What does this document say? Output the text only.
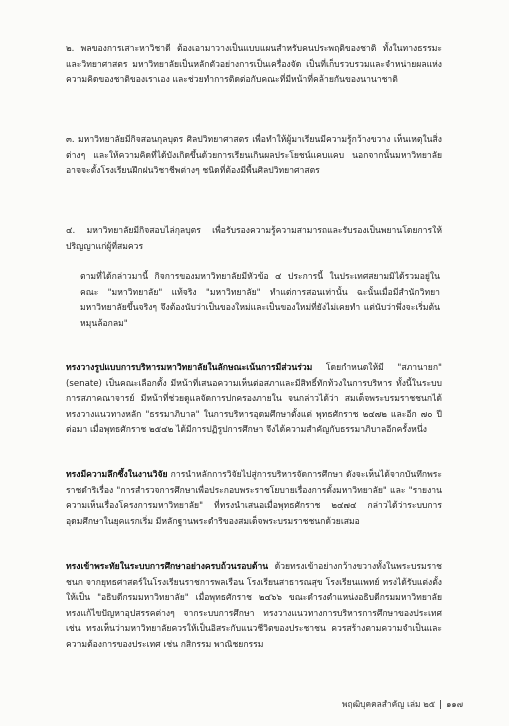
๒. พลของการเสาะหาวิชาดี ต้องเอามาวางเป็นแบบแผนสำหรับคนประพฤติของชาติ ทั้งในทางธรรมะและวิทยาศาสตร มหาวิทยาลัยเป็นหลักตัวอย่างการเป็นเครื่องจัด เป็นที่เก็บรวบรวมและจำหน่ายผลแห่งความคิดของชาติของเราเอง และช่วยทำการติดต่อกับคณะที่มีหน้าที่คล้ายกันของนานาชาติ

๓. มหาวิทยาลัยมีกิจสอนกุลบุตร ศิลปวิทยาศาสตร เพื่อทำให้ผู้มาเรียนมีความรู้กว้างขวาง เห็นเหตุในสิ่งต่างๆ และให้ความคิดที่ได้บังเกิดขึ้นด้วยการเรียนเกินผลประโยชน์แคบแคบ นอกจากนั้นมหาวิทยาลัยอาจจะตั้งโรงเรียนฝึกฝนวิชาชีพต่างๆ ชนิดที่ต้องมีพื้นศิลปวิทยาศาสตร

๔. มหาวิทยาลัยมีกิจสอบไล่กุลบุตร เพื่อรับรองความรู้ความสามารถและรับรองเป็นพยานโดยการให้ปริญญาแก่ผู้ที่สมควร

ตามที่ได้กล่าวมานี้ กิจการของมหาวิทยาลัยมีหัวข้อ ๔ ประการนี้ ในประเทศสยามมิได้รวมอยู่ในคณะ "มหาวิทยาลัย" แท้จริง "มหาวิทยาลัย" ทำแต่การสอนเท่านั้น ฉะนั้นเมื่อมีสำนักวิทยามหาวิทยาลัยขึ้นจริงๆ จึงต้องนับว่าเป็นของใหม่และเป็นของใหม่ที่ยังไม่เคยทำ แต่นับว่าพึ่งจะเริ่มต้นหมุนล้อกลม"

ทรงวางรูปแบบการบริหารมหาวิทยาลัยในลักษณะเน้นการมีส่วนร่วม โดยกำหนดให้มี "สภานายก" (senate) เป็นคณะเลือกตั้ง มีหน้าที่เสนอความเห็นต่อสภาและมีสิทธิ์ทักท้วงในการบริหาร ทั้งนี้ในระบบการสภาคณาจารย์ มีหน้าที่ช่วยดูแลจัดการปกครองภายใน จนกล่าวได้ว่า สมเด็จพระบรมราชชนกได้ทรงวางแนวทางหลัก "ธรรมาภิบาล" ในการบริหารอุดมศึกษาตั้งแต่ พุทธศักราช ๒๔๗๒ และอีก ๗๐ ปีต่อมา เมื่อพุทธศักราช ๒๕๔๒ ได้มีการปฏิรูปการศึกษา จึงได้ความสำคัญกับธรรมาภิบาลอีกครั้งหนึ่ง

ทรงมีความลึกซึ้งในงานวิจัย การนำหลักการวิจัยไปสู่การบริหารจัดการศึกษา ดังจะเห็นได้จากบันทึกพระราชดำริเรื่อง "การสำรวจการศึกษาเพื่อประกอบพระราชโยบายเรื่องการตั้งมหาวิทยาลัย" และ "รายงานความเห็นเรื่องโครงการมหาวิทยาลัย" ที่ทรงนำเสนอเมื่อพุทธศักราช ๒๔๗๔ กล่าวได้ว่าระบบการอุดมศึกษาในยุคแรกเริ่ม มีหลักฐานพระดำริของสมเด็จพระบรมราชชนกด้วยเสมอ

ทรงเข้าพระทัยในระบบการศึกษาอย่างครบถ้วนรอบด้าน ด้วยทรงเข้าอย่างกว้างขวางทั้งในพระบรมราชชนก จากยุทธศาสตร์ในโรงเรียนราชการพลเรือน โรงเรียนสาธารณสุข โรงเรียนแพทย์ ทรงได้รับแต่งตั้งให้เป็น "อธิบดีกรมมหาวิทยาลัย" เมื่อพุทธศักราช ๒๔๖๖ ขณะดำรงตำแหน่งอธิบดีกรมมหาวิทยาลัย ทรงแก้ไขปัญหาอุปสรรคต่างๆ จากระบบการศึกษา ทรงวางแนวทางการบริหารการศึกษาของประเทศ เช่น ทรงเห็นว่ามหาวิทยาลัยควรให้เป็นอิสระกับแนวชีวิตของประชาชน ควรสร้างตามความจำเป็นและความต้องการของประเทศ เช่น กสิกรรม พาณิชยกรรม

พฤฒิบุคคลสำคัญ เล่ม ๒๕ ๑๑๗
